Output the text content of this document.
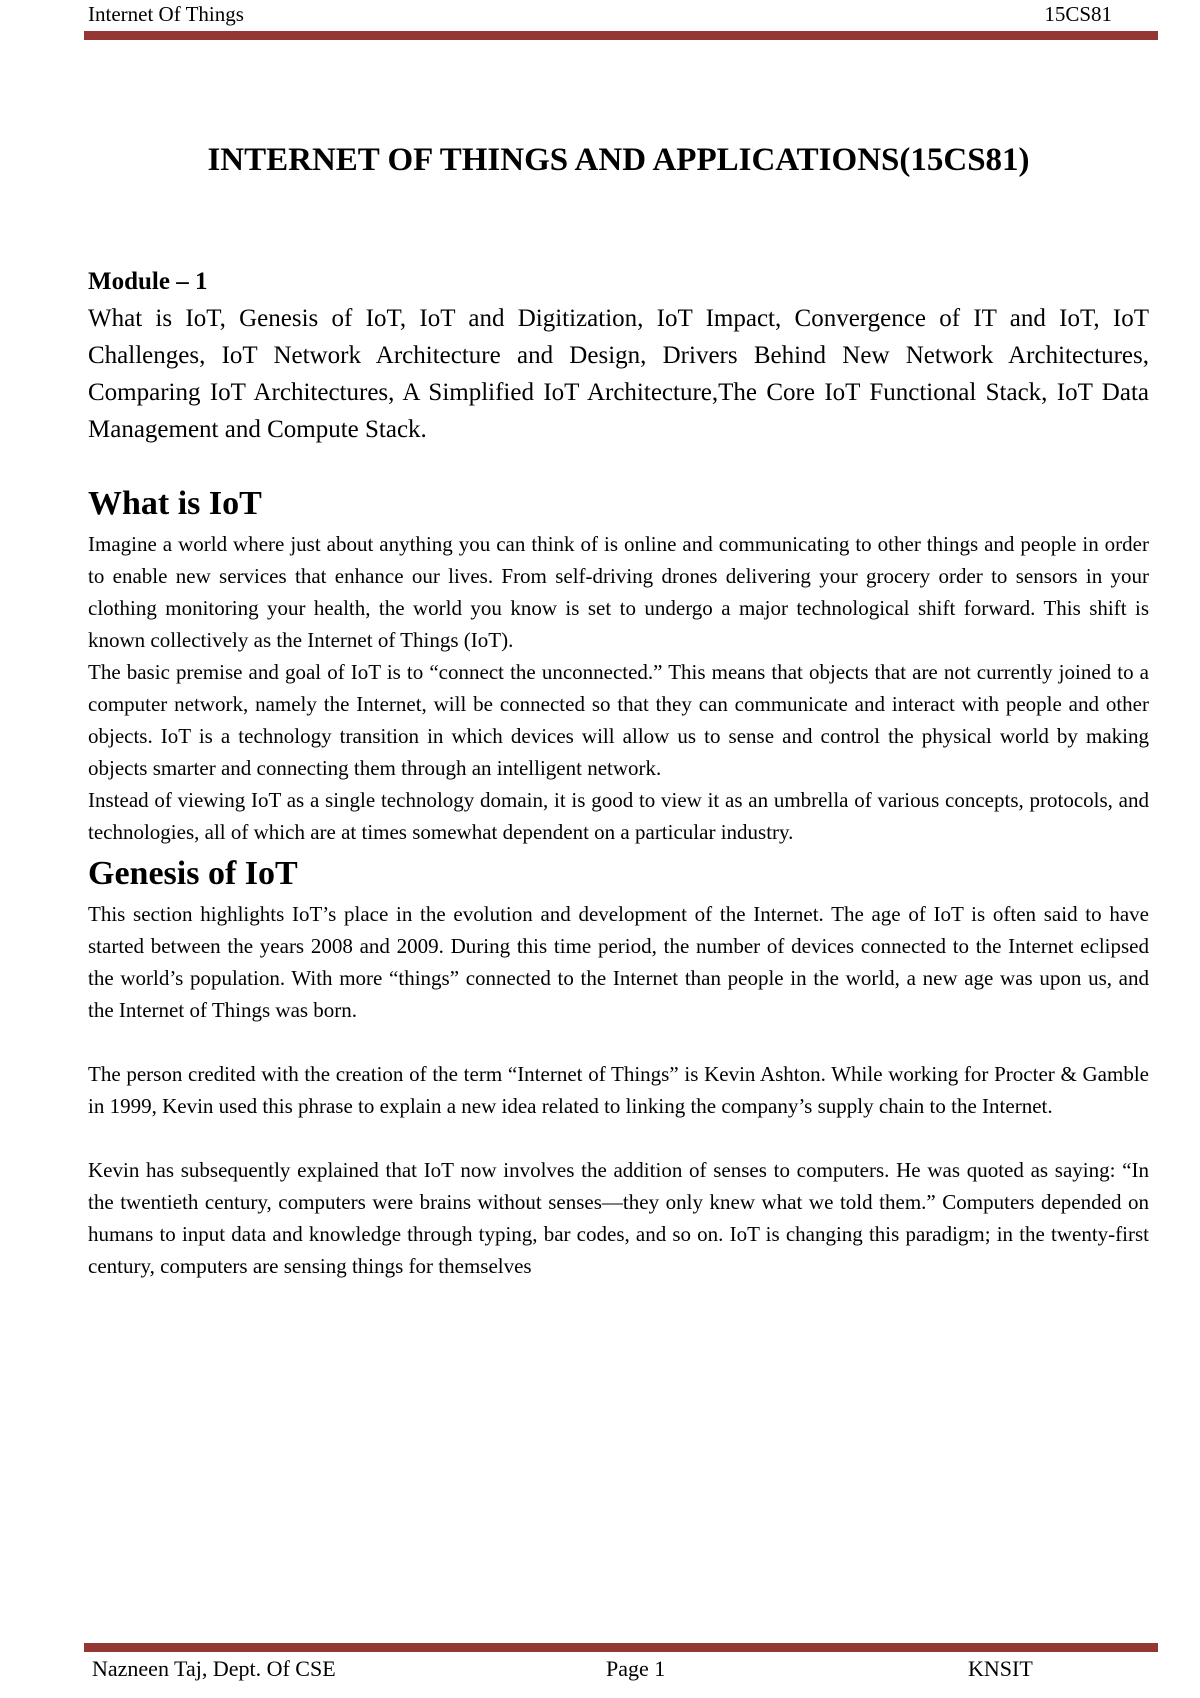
Internet Of Things	15CS81
INTERNET OF THINGS AND APPLICATIONS(15CS81)

Module – 1

What is IoT, Genesis of IoT, IoT and Digitization, IoT Impact, Convergence of IT and IoT, IoT Challenges, IoT Network Architecture and Design, Drivers Behind New Network Architectures, Comparing IoT Architectures, A Simplified IoT Architecture,The Core IoT Functional Stack, IoT Data Management and Compute Stack.

What is IoT

Imagine a world where just about anything you can think of is online and communicating to other things and people in order to enable new services that enhance our lives. From self-driving drones delivering your grocery order to sensors in your clothing monitoring your health, the world you know is set to undergo a major technological shift forward. This shift is known collectively as the Internet of Things (IoT).

The basic premise and goal of IoT is to “connect the unconnected.” This means that objects that are not currently joined to a computer network, namely the Internet, will be connected so that they can communicate and interact with people and other objects. IoT is a technology transition in which devices will allow us to sense and control the physical world by making objects smarter and connecting them through an intelligent network.

Instead of viewing IoT as a single technology domain, it is good to view it as an umbrella of various concepts, protocols, and technologies, all of which are at times somewhat dependent on a particular industry.

Genesis of IoT

This section highlights IoT’s place in the evolution and development of the Internet. The age of IoT is often said to have started between the years 2008 and 2009. During this time period, the number of devices connected to the Internet eclipsed the world’s population. With more “things” connected to the Internet than people in the world, a new age was upon us, and the Internet of Things was born.

The person credited with the creation of the term “Internet of Things” is Kevin Ashton. While working for Procter & Gamble in 1999, Kevin used this phrase to explain a new idea related to linking the company’s supply chain to the Internet.

Kevin has subsequently explained that IoT now involves the addition of senses to computers. He was quoted as saying: “In the twentieth century, computers were brains without senses—they only knew what we told them.” Computers depended on humans to input data and knowledge through typing, bar codes, and so on. IoT is changing this paradigm; in the twenty-first century, computers are sensing things for themselves

Nazneen Taj, Dept. Of CSE	Page 1	KNSIT
